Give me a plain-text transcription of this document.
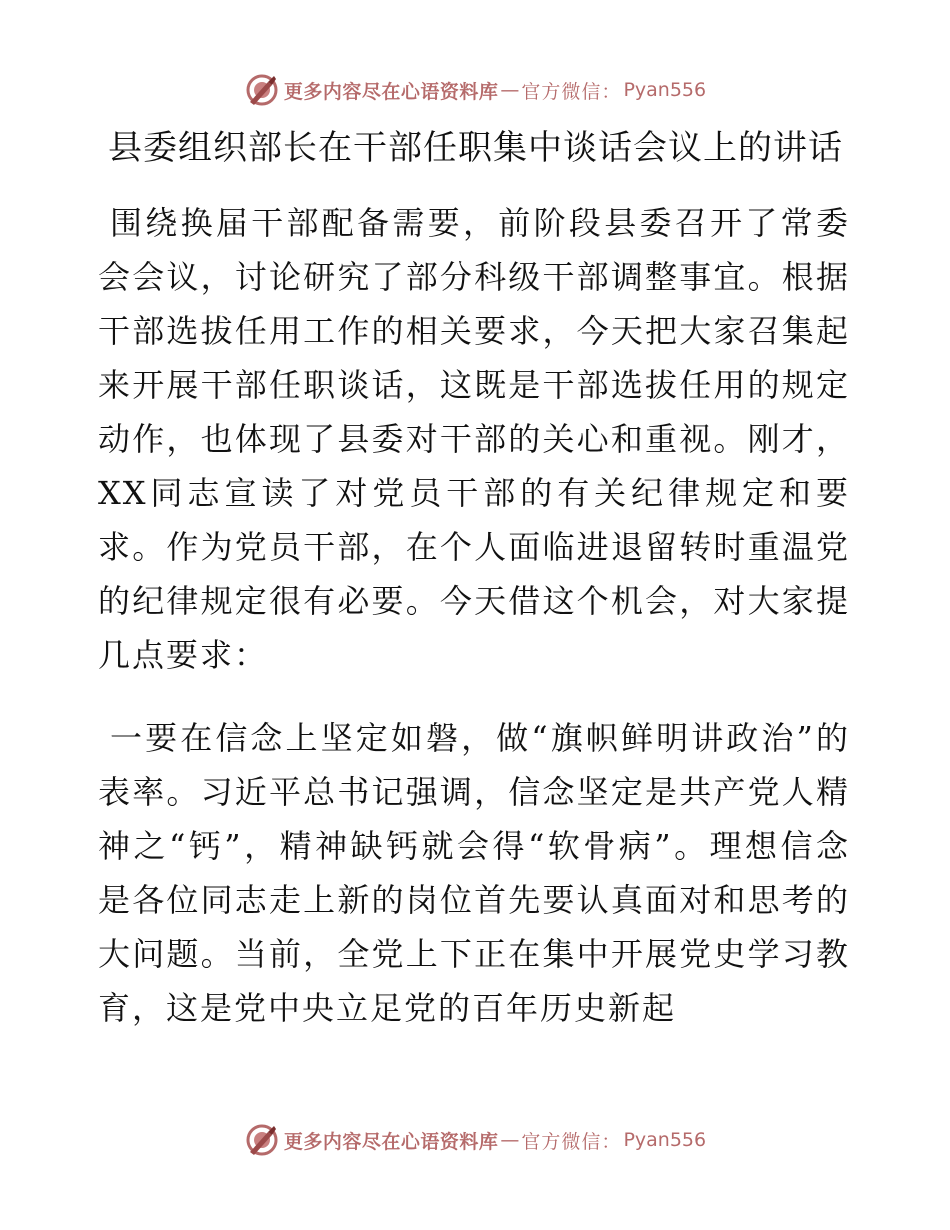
更多内容尽在心语资料库 — 官方微信： Pyan556
县委组织部长在干部任职集中谈话会议上的讲话

围绕换届干部配备需要，前阶段县委召开了常委会会议，讨论研究了部分科级干部调整事宜。根据干部选拔任用工作的相关要求，今天把大家召集起来开展干部任职谈话，这既是干部选拔任用的规定动作，也体现了县委对干部的关心和重视。刚才，XX同志宣读了对党员干部的有关纪律规定和要求。作为党员干部，在个人面临进退留转时重温党的纪律规定很有必要。今天借这个机会，对大家提几点要求：

一要在信念上坚定如磐，做“旗帜鲜明讲政治”的表率。习近平总书记强调，信念坚定是共产党人精神之“钙”，精神缺钙就会得“软骨病”。理想信念是各位同志走上新的岗位首先要认真面对和思考的大问题。当前，全党上下正在集中开展党史学习教育，这是党中央立足党的百年历史新起

更多内容尽在心语资料库 — 官方微信： Pyan556
